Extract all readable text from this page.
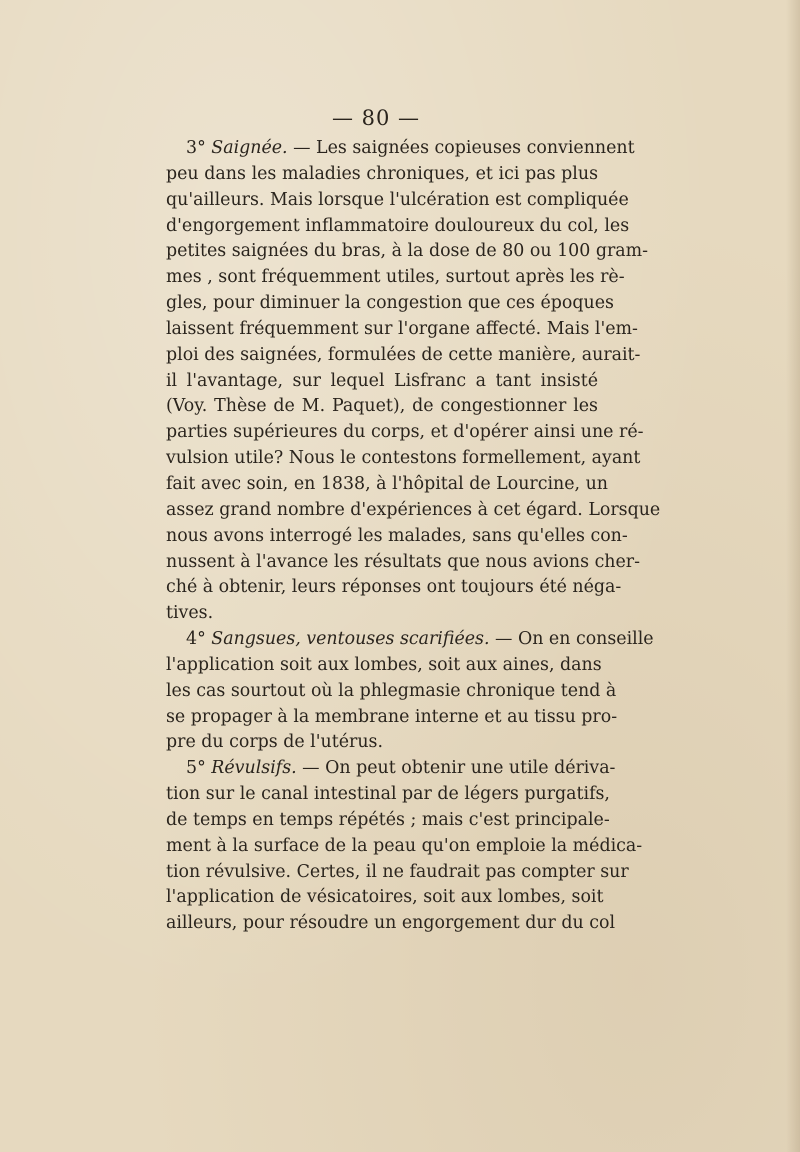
— 80 —
3° Saignée. — Les saignées copieuses conviennent
peu dans les maladies chroniques, et ici pas plus
qu'ailleurs. Mais lorsque l'ulcération est compliquée
d'engorgement inflammatoire douloureux du col, les
petites saignées du bras, à la dose de 80 ou 100 gram-
mes , sont fréquemment utiles, surtout après les rè-
gles, pour diminuer la congestion que ces époques
laissent fréquemment sur l'organe affecté. Mais l'em-
ploi des saignées, formulées de cette manière, aurait-
il l'avantage, sur lequel Lisfranc a tant insisté
(Voy. Thèse de M. Paquet), de congestionner les
parties supérieures du corps, et d'opérer ainsi une ré-
vulsion utile? Nous le contestons formellement, ayant
fait avec soin, en 1838, à l'hôpital de Lourcine, un
assez grand nombre d'expériences à cet égard. Lorsque
nous avons interrogé les malades, sans qu'elles con-
nussent à l'avance les résultats que nous avions cher-
ché à obtenir, leurs réponses ont toujours été néga-
tives.
4° Sangsues, ventouses scarifiées. — On en conseille
l'application soit aux lombes, soit aux aines, dans
les cas sourtout où la phlegmasie chronique tend à
se propager à la membrane interne et au tissu pro-
pre du corps de l'utérus.
5° Révulsifs. — On peut obtenir une utile dériva-
tion sur le canal intestinal par de légers purgatifs,
de temps en temps répétés ; mais c'est principale-
ment à la surface de la peau qu'on emploie la médica-
tion révulsive. Certes, il ne faudrait pas compter sur
l'application de vésicatoires, soit aux lombes, soit
ailleurs, pour résoudre un engorgement dur du col
